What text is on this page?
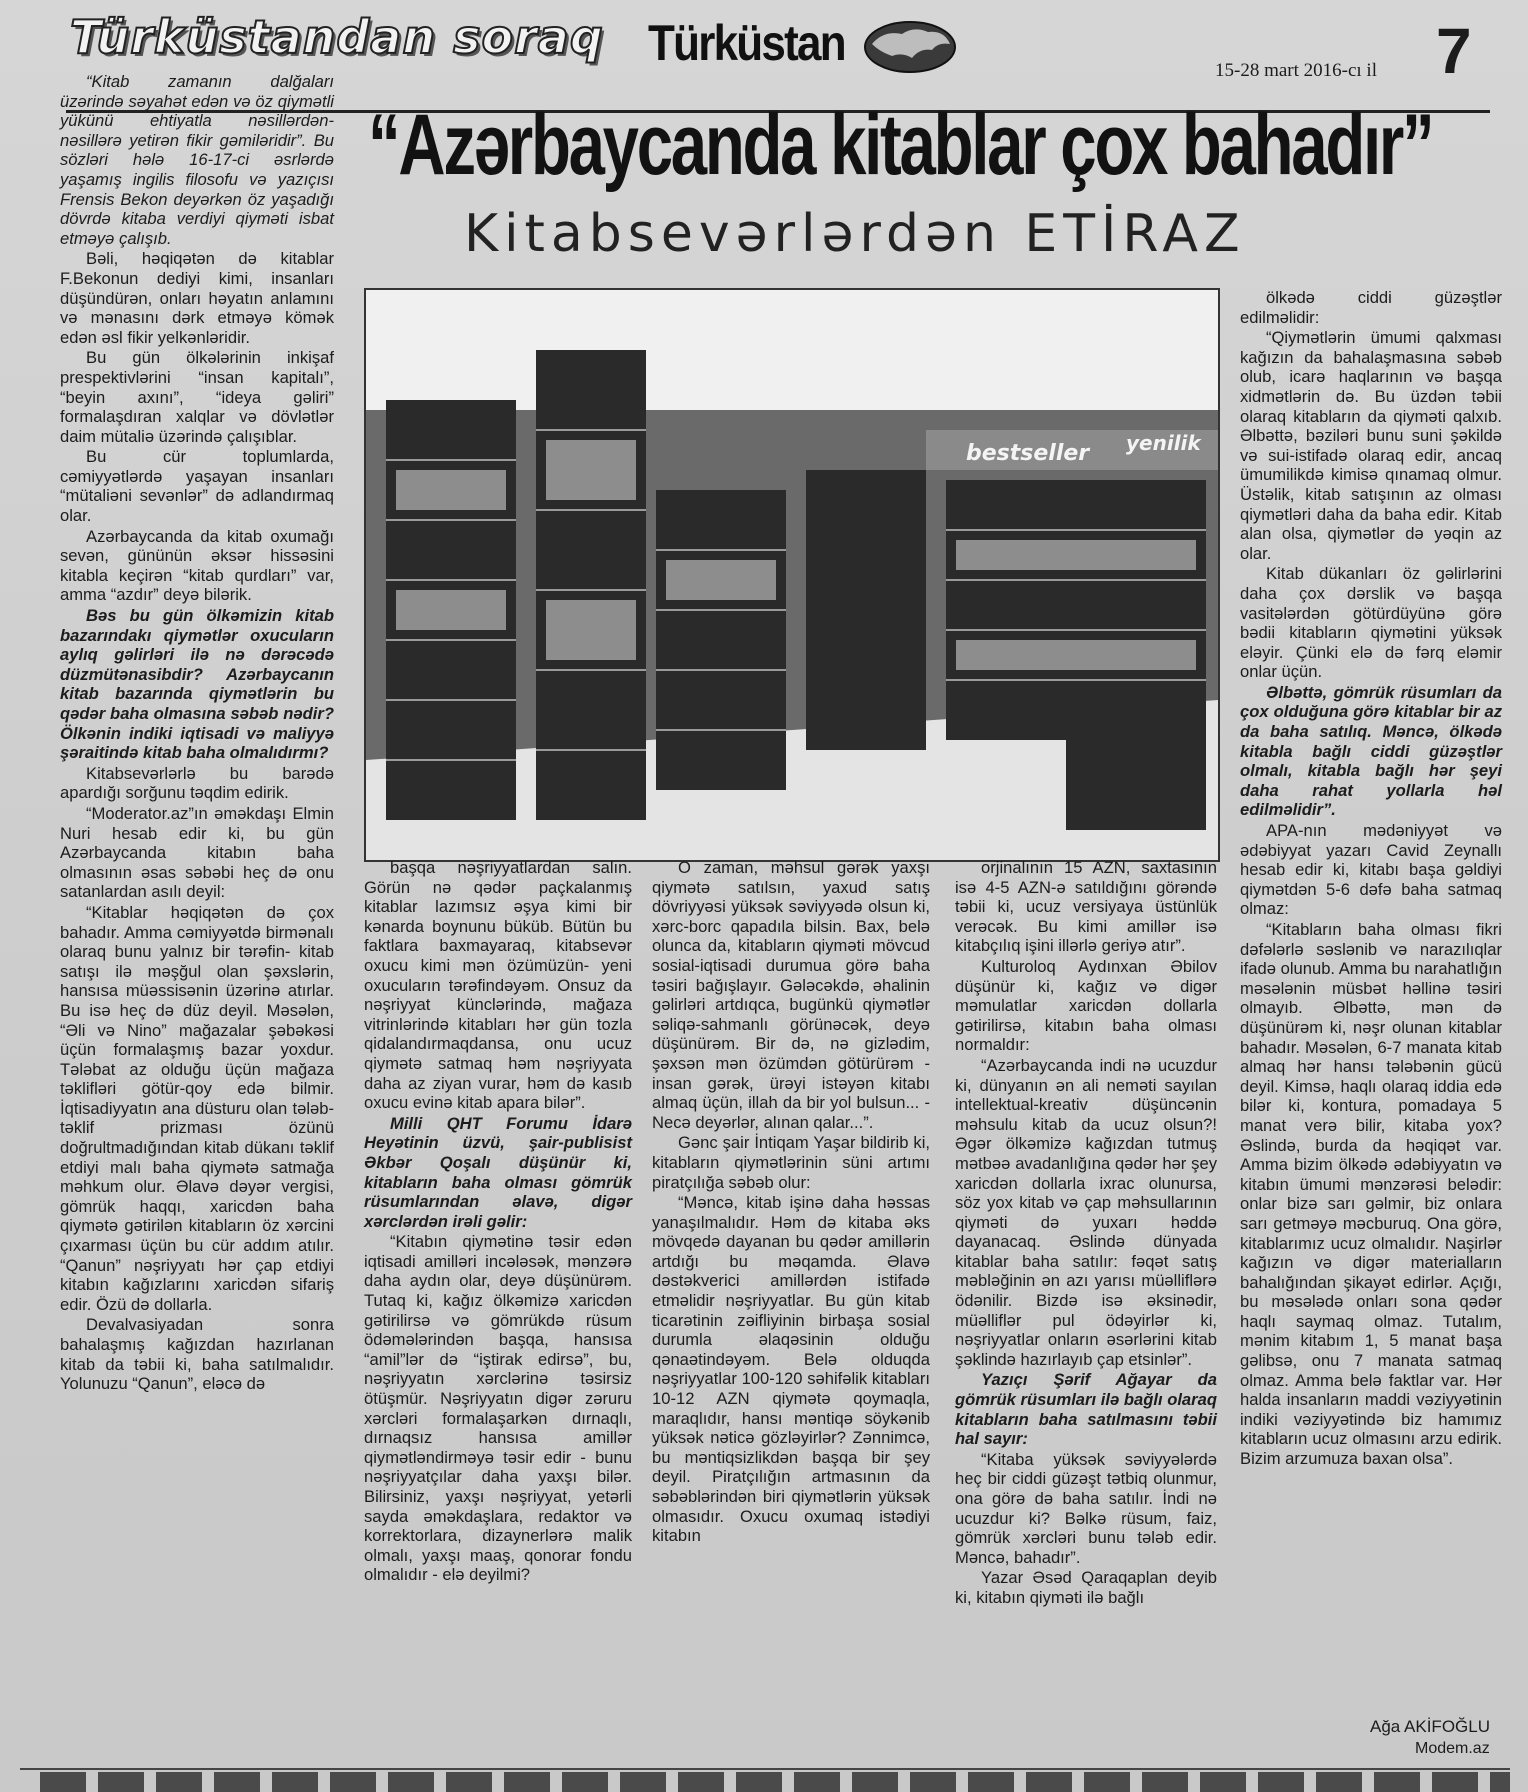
Türküstandan soraq Türküstan	15-28 mart 2016-cı il 7
“Azərbaycanda kitablar çox bahadır”
Kitabsevərlərdən ETİRAZ
bestseller yenilik

“Kitab zamanın dalğaları üzərində səyahət edən və öz qiymətli yükünü ehtiyatla nəsillərdən- nəsillərə yetirən fikir gəmiləridir”. Bu sözləri hələ 16-17-ci əsrlərdə yaşamış ingilis filosofu və yazıçısı Frensis Bekon deyərkən öz yaşadığı dövrdə kitaba verdiyi qiyməti isbat etməyə çalışıb.

Bəli, həqiqətən də kitablar F.Bekonun dediyi kimi, insanları düşündürən, onları həyatın anlamını və mənasını dərk etməyə kömək edən əsl fikir yelkənləridir.

Bu gün ölkələrinin inkişaf prespektivlərini “insan kapitalı”, “beyin axını”, “ideya gəliri” formalaşdıran xalqlar və dövlətlər daim mütaliə üzərində çalışıblar.

Bu cür toplumlarda, cəmiyyətlərdə yaşayan insanları “mütaliəni sevənlər” də adlandırmaq olar.

Azərbaycanda da kitab oxumağı sevən, gününün əksər hissəsini kitabla keçirən “kitab qurdları” var, amma “azdır” deyə bilərik.

Bəs bu gün ölkəmizin kitab bazarındakı qiymətlər oxucuların aylıq gəlirləri ilə nə dərəcədə düzmütənasibdir? Azərbaycanın kitab bazarında qiymətlərin bu qədər baha olmasına səbəb nədir? Ölkənin indiki iqtisadi və maliyyə şəraitində kitab baha olmalıdırmı?

Kitabsevərlərlə bu barədə apardığı sorğunu təqdim edirik.

“Moderator.az”ın əməkdaşı Elmin Nuri hesab edir ki, bu gün Azərbaycanda kitabın baha olmasının əsas səbəbi heç də onu satanlardan asılı deyil:

“Kitablar həqiqətən də çox bahadır. Amma cəmiyyətdə birmənalı olaraq bunu yalnız bir tərəfin- kitab satışı ilə məşğul olan şəxslərin, hansısa müəssisənin üzərinə atırlar. Bu isə heç də düz deyil. Məsələn, “Əli və Nino” mağazalar şəbəkəsi üçün formalaşmış bazar yoxdur. Tələbat az olduğu üçün mağaza təklifləri götür-qoy edə bilmir. İqtisadiyyatın ana düsturu olan tələb-təklif prizması özünü doğrultmadığından kitab dükanı təklif etdiyi malı baha qiymətə satmağa məhkum olur. Əlavə dəyər vergisi, gömrük haqqı, xaricdən baha qiymətə gətirilən kitabların öz xərcini çıxarması üçün bu cür addım atılır. “Qanun” nəşriyyatı hər çap etdiyi kitabın kağızlarını xaricdən sifariş edir. Özü də dollarla.

Devalvasiyadan sonra bahalaşmış kağızdan hazırlanan kitab da təbii ki, baha satılmalıdır. Yolunuzu “Qanun”, eləcə də

başqa nəşriyyatlardan salın. Görün nə qədər paçkalanmış kitablar lazımsız əşya kimi bir kənarda boynunu büküb. Bütün bu faktlara baxmayaraq, kitabsevər oxucu kimi mən özümüzün- yeni oxucuların tərəfindəyəm. Onsuz da nəşriyyat künclərində, mağaza vitrinlərində kitabları hər gün tozla qidalandırmaqdansa, onu ucuz qiymətə satmaq həm nəşriyyata daha az ziyan vurar, həm də kasıb oxucu evinə kitab apara bilər”.

Milli QHT Forumu İdarə Heyətinin üzvü, şair-publisist Əkbər Qoşalı düşünür ki, kitabların baha olması gömrük rüsumlarından əlavə, digər xərclərdən irəli gəlir:

“Kitabın qiymətinə təsir edən iqtisadi amilləri incələsək, mənzərə daha aydın olar, deyə düşünürəm. Tutaq ki, kağız ölkəmizə xaricdən gətirilirsə və gömrükdə rüsum ödəmələrindən başqa, hansısa “amil”lər də “iştirak edirsə”, bu, nəşriyyatın xərclərinə təsirsiz ötüşmür. Nəşriyyatın digər zəruru xərcləri formalaşarkən dırnaqlı, dırnaqsız hansısa amillər qiymətləndirməyə təsir edir - bunu nəşriyyatçılar daha yaxşı bilər. Bilirsiniz, yaxşı nəşriyyat, yetərli sayda əməkdaşlara, redaktor və korrektorlara, dizaynerlərə malik olmalı, yaxşı maaş, qonorar fondu olmalıdır - elə deyilmi?

O zaman, məhsul gərək yaxşı qiymətə satılsın, yaxud satış dövriyyəsi yüksək səviyyədə olsun ki, xərc-borc qapadıla bilsin. Bax, belə olunca da, kitabların qiyməti mövcud sosial-iqtisadi durumua görə baha təsiri bağışlayır. Gələcəkdə, əhalinin gəlirləri artdıqca, bugünkü qiymətlər səliqə-sahmanlı görünəcək, deyə düşünürəm. Bir də, nə gizlədim, şəxsən mən özümdən götürürəm - insan gərək, ürəyi istəyən kitabı almaq üçün, illah da bir yol bulsun... - Necə deyərlər, alınan qalar...”.

Gənc şair İntiqam Yaşar bildirib ki, kitabların qiymətlərinin süni artımı piratçılığa səbəb olur:

“Məncə, kitab işinə daha həssas yanaşılmalıdır. Həm də kitaba əks mövqedə dayanan bu qədər amillərin artdığı bu məqamda. Əlavə dəstəkverici amillərdən istifadə etməlidir nəşriyyatlar. Bu gün kitab ticarətinin zəifliyinin birbaşa sosial durumla əlaqəsinin olduğu qənaətindəyəm. Belə olduqda nəşriyyatlar 100-120 səhifəlik kitabları 10-12 AZN qiymətə qoymaqla, maraqlıdır, hansı məntiqə söykənib yüksək nəticə gözləyirlər? Zənnimcə, bu məntiqsizlikdən başqa bir şey deyil. Piratçılığın artmasının da səbəblərindən biri qiymətlərin yüksək olmasıdır. Oxucu oxumaq istədiyi kitabın

orjinalının 15 AZN, saxtasının isə 4-5 AZN-ə satıldığını görəndə təbii ki, ucuz versiyaya üstünlük verəcək. Bu kimi amillər isə kitabçılıq işini illərlə geriyə atır”.

Kulturoloq Aydınxan Əbilov düşünür ki, kağız və digər məmulatlar xaricdən dollarla gətirilirsə, kitabın baha olması normaldır:

“Azərbaycanda indi nə ucuzdur ki, dünyanın ən ali neməti sayılan intellektual-kreativ düşüncənin məhsulu kitab da ucuz olsun?! Əgər ölkəmizə kağızdan tutmuş mətbəə avadanlığına qədər hər şey xaricdən dollarla ixrac olunursa, söz yox kitab və çap məhsullarının qiyməti də yuxarı həddə dayanacaq. Əslində dünyada kitablar baha satılır: fəqət satış məbləğinin ən azı yarısı müəlliflərə ödənilir. Bizdə isə əksinədir, müəlliflər pul ödəyirlər ki, nəşriyyatlar onların əsərlərini kitab şəklində hazırlayıb çap etsinlər”.

Yazıçı Şərif Ağayar da gömrük rüsumları ilə bağlı olaraq kitabların baha satılmasını təbii hal sayır:

“Kitaba yüksək səviyyələrdə heç bir ciddi güzəşt tətbiq olunmur, ona görə də baha satılır. İndi nə ucuzdur ki? Bəlkə rüsum, faiz, gömrük xərcləri bunu tələb edir. Məncə, bahadır”.

Yazar Əsəd Qaraqaplan deyib ki, kitabın qiyməti ilə bağlı

ölkədə ciddi güzəştlər edilməlidir:

“Qiymətlərin ümumi qalxması kağızın da bahalaşmasına səbəb olub, icarə haqlarının və başqa xidmətlərin də. Bu üzdən təbii olaraq kitabların da qiyməti qalxıb. Əlbəttə, bəziləri bunu suni şəkildə və sui-istifadə olaraq edir, ancaq ümumilikdə kimisə qınamaq olmur. Üstəlik, kitab satışının az olması qiymətləri daha da baha edir. Kitab alan olsa, qiymətlər də yəqin az olar.

Kitab dükanları öz gəlirlərini daha çox dərslik və başqa vasitələrdən götürdüyünə görə bədii kitabların qiymətini yüksək eləyir. Çünki elə də fərq eləmir onlar üçün.

Əlbəttə, gömrük rüsumları da çox olduğuna görə kitablar bir az da baha satılıq. Məncə, ölkədə kitabla bağlı ciddi güzəştlər olmalı, kitabla bağlı hər şeyi daha rahat yollarla həl edilməlidir”.

APA-nın mədəniyyət və ədəbiyyat yazarı Cavid Zeynallı hesab edir ki, kitabı başa gəldiyi qiymətdən 5-6 dəfə baha satmaq olmaz:

“Kitabların baha olması fikri dəfələrlə səslənib və narazılıqlar ifadə olunub. Amma bu narahatlığın məsələnin müsbət həllinə təsiri olmayıb. Əlbəttə, mən də düşünürəm ki, nəşr olunan kitablar bahadır. Məsələn, 6-7 manata kitab almaq hər hansı tələbənin gücü deyil. Kimsə, haqlı olaraq iddia edə bilər ki, kontura, pomadaya 5 manat verə bilir, kitaba yox? Əslində, burda da həqiqət var. Amma bizim ölkədə ədəbiyyatın və kitabın ümumi mənzərəsi belədir: onlar bizə sarı gəlmir, biz onlara sarı getməyə məcburuq. Ona görə, kitablarımız ucuz olmalıdır. Naşirlər kağızın və digər materialların bahalığından şikayət edirlər. Açığı, bu məsələdə onları sona qədər haqlı saymaq olmaz. Tutalım, mənim kitabım 1, 5 manat başa gəlibsə, onu 7 manata satmaq olmaz. Amma belə faktlar var. Hər halda insanların maddi vəziyyətinin indiki vəziyyətində biz hamımız kitabların ucuz olmasını arzu edirik. Bizim arzumuza baxan olsa”.

Ağa AKİFOĞLU
Modem.az
